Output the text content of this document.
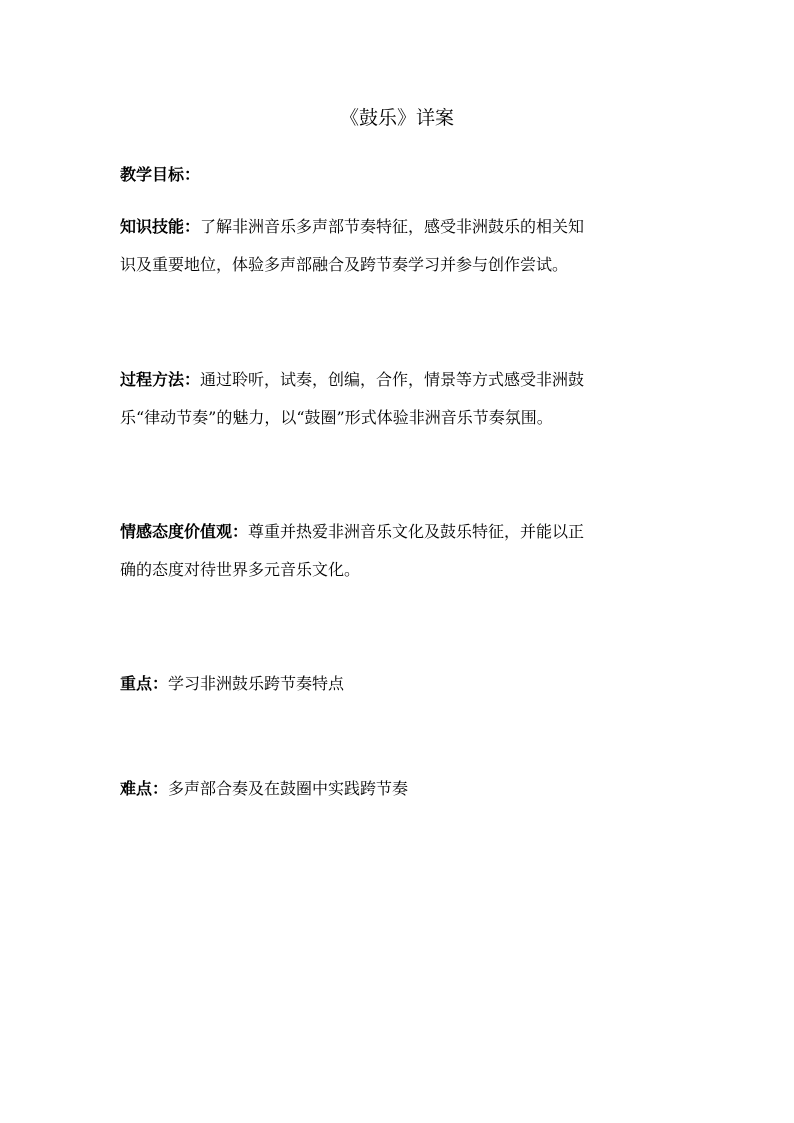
《鼓乐》详案

教学目标：

知识技能：了解非洲音乐多声部节奏特征，感受非洲鼓乐的相关知
识及重要地位，体验多声部融合及跨节奏学习并参与创作尝试。

过程方法：通过聆听，试奏，创编，合作，情景等方式感受非洲鼓
乐“律动节奏”的魅力，以“鼓圈”形式体验非洲音乐节奏氛围。

情感态度价值观：尊重并热爱非洲音乐文化及鼓乐特征，并能以正
确的态度对待世界多元音乐文化。

重点：学习非洲鼓乐跨节奏特点

难点：多声部合奏及在鼓圈中实践跨节奏
